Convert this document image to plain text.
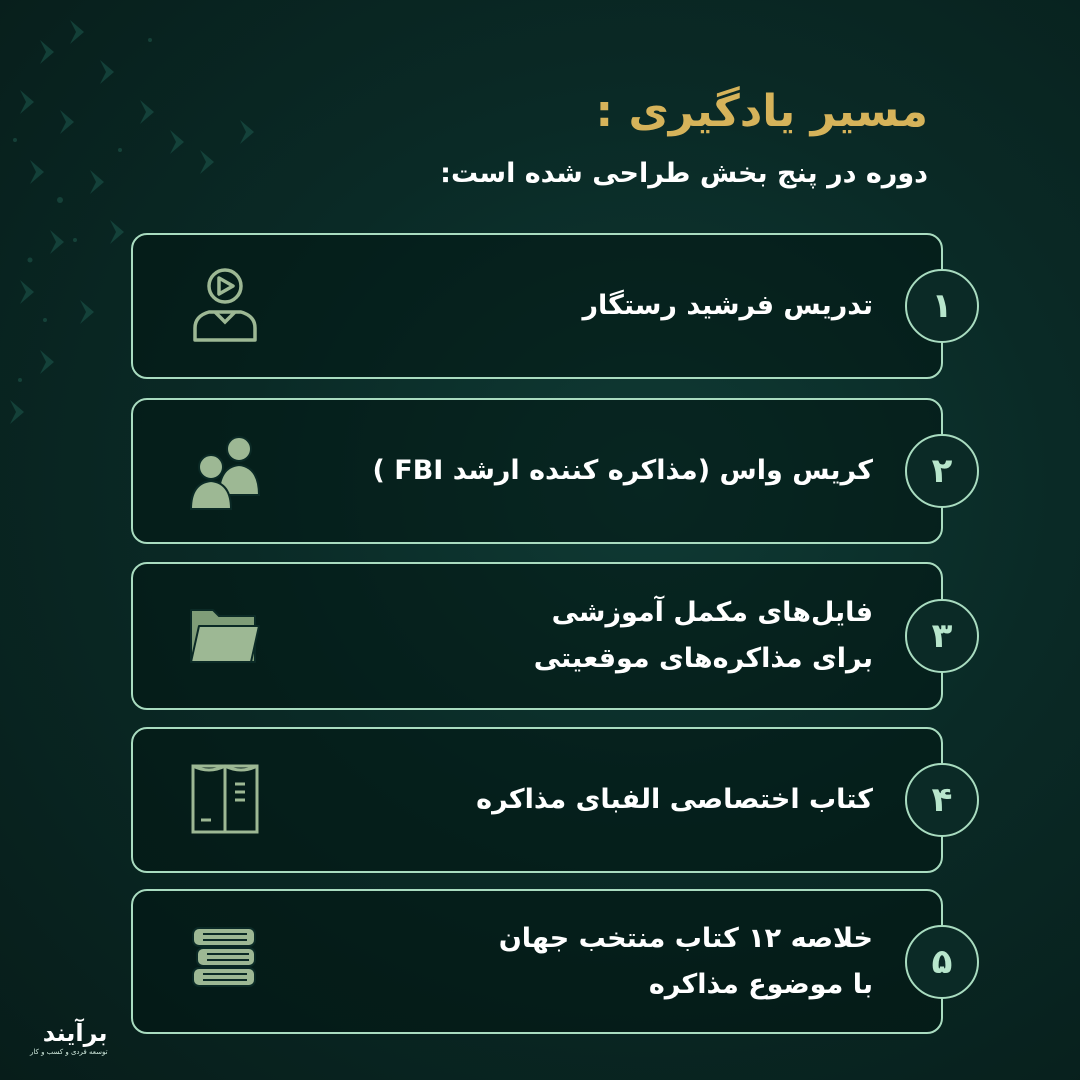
مسیر یادگیری :
دوره در پنج بخش طراحی شده است:
۱
تدریس فرشید رستگار
۲
کریس واس (مذاکره کننده ارشد FBI )
۳
فایل‌های مکمل آموزشی
برای مذاکره‌های موقعیتی
۴
کتاب اختصاصی الفبای مذاکره
۵
خلاصه ۱۲ کتاب منتخب جهان
با موضوع مذاکره
برآیند
توسعه فردی و کسب و کار
